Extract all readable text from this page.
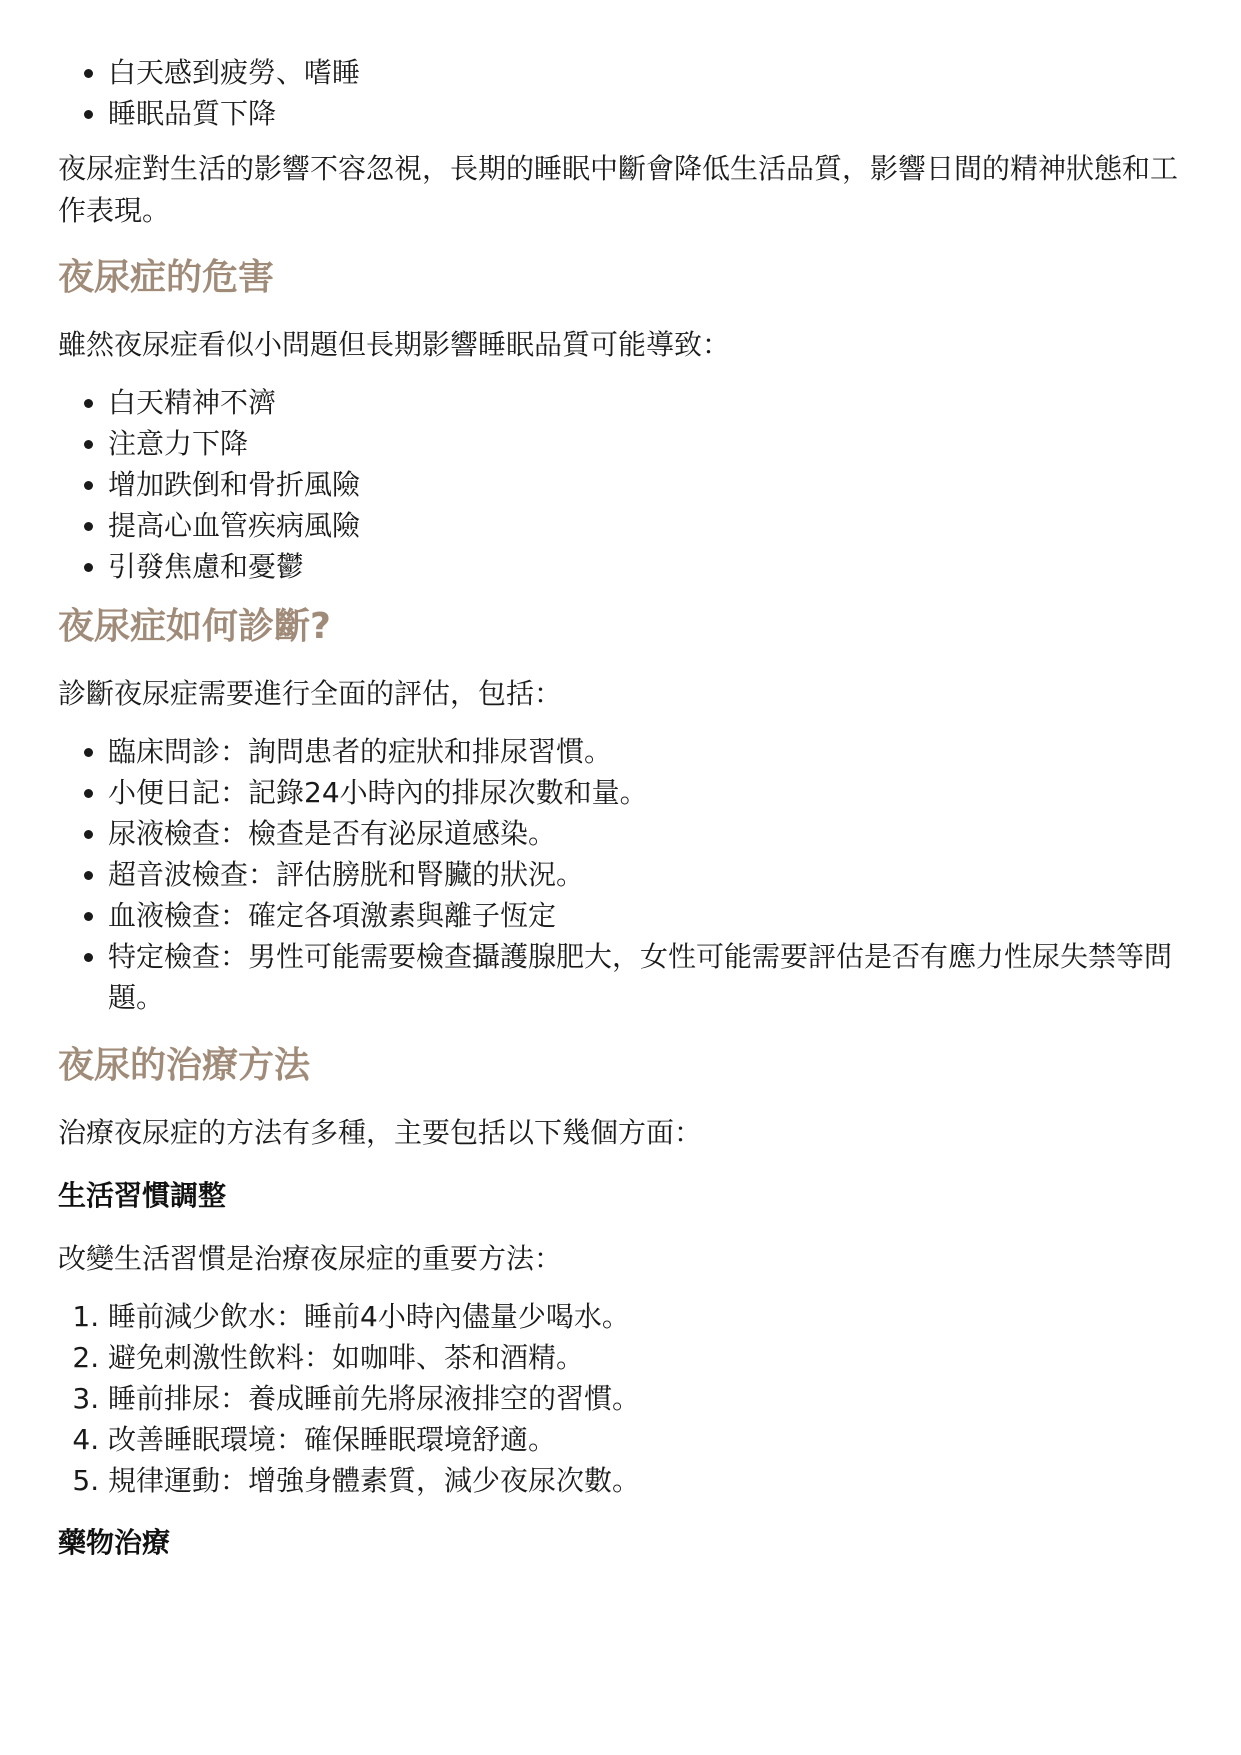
• 白天感到疲勞、嗜睡
• 睡眠品質下降

夜尿症對生活的影響不容忽視，長期的睡眠中斷會降低生活品質，影響日間的精神狀態和工作表現。

夜尿症的危害

雖然夜尿症看似小問題但長期影響睡眠品質可能導致：

• 白天精神不濟
• 注意力下降
• 增加跌倒和骨折風險
• 提高心血管疾病風險
• 引發焦慮和憂鬱
夜尿症如何診斷?

診斷夜尿症需要進行全面的評估，包括：

• 臨床問診：詢問患者的症狀和排尿習慣。
• 小便日記：記錄24小時內的排尿次數和量。
• 尿液檢查：檢查是否有泌尿道感染。
• 超音波檢查：評估膀胱和腎臟的狀況。
• 血液檢查：確定各項激素與離子恆定
• 特定檢查：男性可能需要檢查攝護腺肥大，女性可能需要評估是否有應力性尿失禁等問題。
夜尿的治療方法

治療夜尿症的方法有多種，主要包括以下幾個方面：

生活習慣調整

改變生活習慣是治療夜尿症的重要方法：

1. 睡前減少飲水：睡前4小時內儘量少喝水。
2. 避免刺激性飲料：如咖啡、茶和酒精。
3. 睡前排尿：養成睡前先將尿液排空的習慣。
4. 改善睡眠環境：確保睡眠環境舒適。
5. 規律運動：增強身體素質，減少夜尿次數。
藥物治療
